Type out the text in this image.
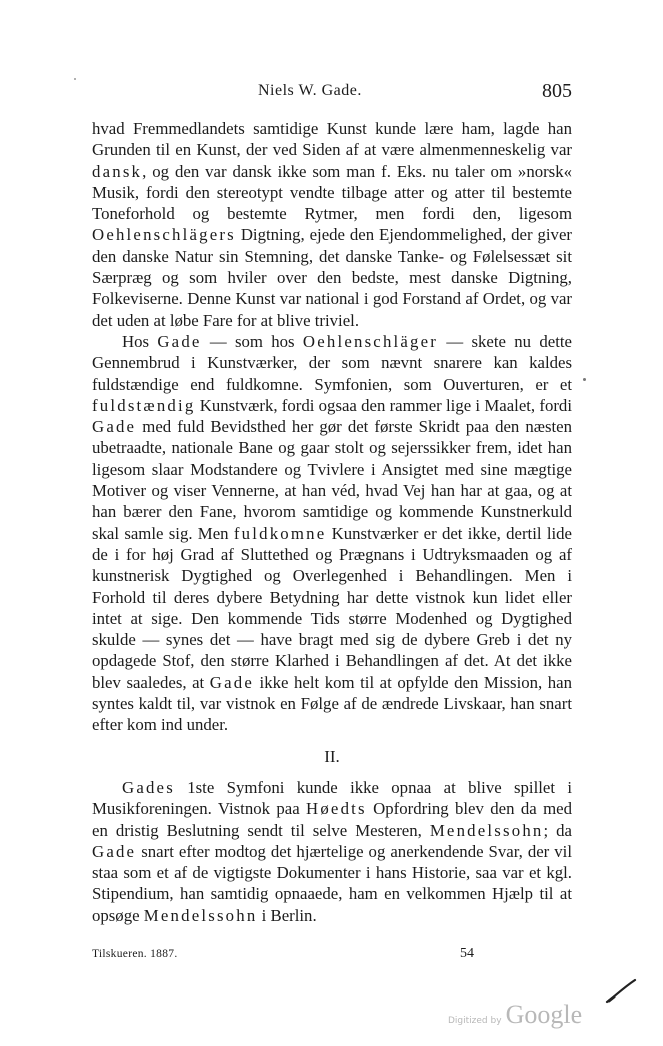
Niels W. Gade.	805

hvad Fremmedlandets samtidige Kunst kunde lære ham, lagde han Grunden til en Kunst, der ved Siden af at være almenmenneskelig var dansk, og den var dansk ikke som man f. Eks. nu taler om »norsk« Musik, fordi den stereotypt vendte tilbage atter og atter til bestemte Toneforhold og bestemte Rytmer, men fordi den, ligesom Oehlenschlägers Digtning, ejede den Ejendommelighed, der giver den danske Natur sin Stemning, det danske Tanke- og Følelsessæt sit Særpræg og som hviler over den bedste, mest danske Digtning, Folkeviserne. Denne Kunst var national i god Forstand af Ordet, og var det uden at løbe Fare for at blive triviel.

Hos Gade — som hos Oehlenschläger — skete nu dette Gennembrud i Kunstværker, der som nævnt snarere kan kaldes fuldstændige end fuldkomne. Symfonien, som Ouverturen, er et fuldstændig Kunstværk, fordi ogsaa den rammer lige i Maalet, fordi Gade med fuld Bevidsthed her gør det første Skridt paa den næsten ubetraadte, nationale Bane og gaar stolt og sejerssikker frem, idet han ligesom slaar Modstandere og Tvivlere i Ansigtet med sine mægtige Motiver og viser Vennerne, at han véd, hvad Vej han har at gaa, og at han bærer den Fane, hvorom samtidige og kommende Kunstnerkuld skal samle sig. Men fuldkomne Kunstværker er det ikke, dertil lide de i for høj Grad af Sluttethed og Prægnans i Udtryksmaaden og af kunstnerisk Dygtighed og Overlegenhed i Behandlingen. Men i Forhold til deres dybere Betydning har dette vistnok kun lidet eller intet at sige. Den kommende Tids større Modenhed og Dygtighed skulde — synes det — have bragt med sig de dybere Greb i det ny opdagede Stof, den større Klarhed i Behandlingen af det. At det ikke blev saaledes, at Gade ikke helt kom til at opfylde den Mission, han syntes kaldt til, var vistnok en Følge af de ændrede Livskaar, han snart efter kom ind under.

II.

Gades 1ste Symfoni kunde ikke opnaa at blive spillet i Musikforeningen. Vistnok paa Høedts Opfordring blev den da med en dristig Beslutning sendt til selve Mesteren, Mendelssohn; da Gade snart efter modtog det hjærtelige og anerkendende Svar, der vil staa som et af de vigtigste Dokumenter i hans Historie, saa var et kgl. Stipendium, han samtidig opnaaede, ham en velkommen Hjælp til at opsøge Mendelssohn i Berlin.

Tilskueren. 1887.	54
Digitized by Google
